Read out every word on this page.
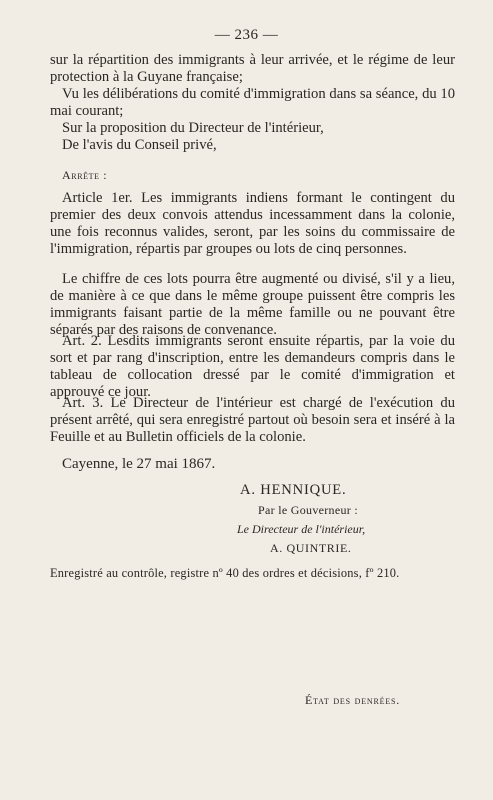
— 236 —

sur la répartition des immigrants à leur arrivée, et le régime de leur protection à la Guyane française;

Vu les délibérations du comité d'immigration dans sa séance, du 10 mai courant;

Sur la proposition du Directeur de l'intérieur,

De l'avis du Conseil privé,

Arrête :
Article 1er. Les immigrants indiens formant le contingent du premier des deux convois attendus incessamment dans la colonie, une fois reconnus valides, seront, par les soins du commissaire de l'immigration, répartis par groupes ou lots de cinq personnes.
Le chiffre de ces lots pourra être augmenté ou divisé, s'il y a lieu, de manière à ce que dans le même groupe puissent être compris les immigrants faisant partie de la même famille ou ne pouvant être séparés par des raisons de convenance.
Art. 2. Lesdits immigrants seront ensuite répartis, par la voie du sort et par rang d'inscription, entre les demandeurs compris dans le tableau de collocation dressé par le comité d'immigration et approuvé ce jour.
Art. 3. Le Directeur de l'intérieur est chargé de l'exécution du présent arrêté, qui sera enregistré partout où besoin sera et inséré à la Feuille et au Bulletin officiels de la colonie.
Cayenne, le 27 mai 1867.
A. HENNIQUE.
Par le Gouverneur :
Le Directeur de l'intérieur,
A. QUINTRIE.
Enregistré au contrôle, registre nº 40 des ordres et décisions, fº 210.
État des denrées.
